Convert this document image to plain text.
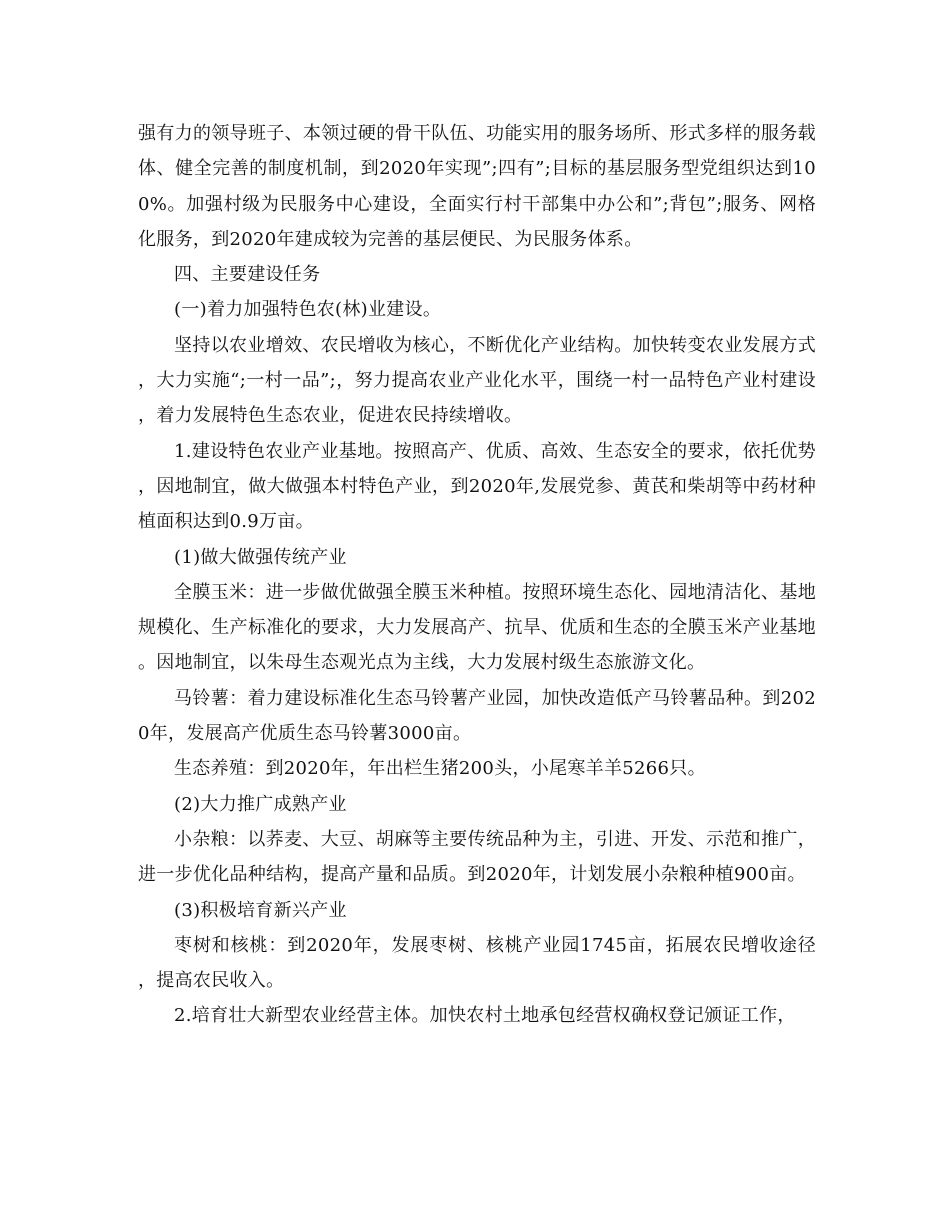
强有力的领导班子、本领过硬的骨干队伍、功能实用的服务场所、形式多样的服务载体、健全完善的制度机制，到2020年实现”;四有”;目标的基层服务型党组织达到100%。加强村级为民服务中心建设，全面实行村干部集中办公和”;背包”;服务、网格化服务，到2020年建成较为完善的基层便民、为民服务体系。

四、主要建设任务

(一)着力加强特色农(林)业建设。

坚持以农业增效、农民增收为核心，不断优化产业结构。加快转变农业发展方式，大力实施“;一村一品”;，努力提高农业产业化水平，围绕一村一品特色产业村建设，着力发展特色生态农业，促进农民持续增收。

1.建设特色农业产业基地。按照高产、优质、高效、生态安全的要求，依托优势，因地制宜，做大做强本村特色产业，到2020年,发展党参、黄芪和柴胡等中药材种植面积达到0.9万亩。

(1)做大做强传统产业

全膜玉米：进一步做优做强全膜玉米种植。按照环境生态化、园地清洁化、基地规模化、生产标准化的要求，大力发展高产、抗旱、优质和生态的全膜玉米产业基地。因地制宜，以朱母生态观光点为主线，大力发展村级生态旅游文化。

马铃薯：着力建设标准化生态马铃薯产业园，加快改造低产马铃薯品种。到2020年，发展高产优质生态马铃薯3000亩。

生态养殖：到2020年，年出栏生猪200头，小尾寒羊羊5266只。

(2)大力推广成熟产业

小杂粮：以荞麦、大豆、胡麻等主要传统品种为主，引进、开发、示范和推广，进一步优化品种结构，提高产量和品质。到2020年，计划发展小杂粮种植900亩。

(3)积极培育新兴产业

枣树和核桃：到2020年，发展枣树、核桃产业园1745亩，拓展农民增收途径，提高农民收入。

2.培育壮大新型农业经营主体。加快农村土地承包经营权确权登记颁证工作，
